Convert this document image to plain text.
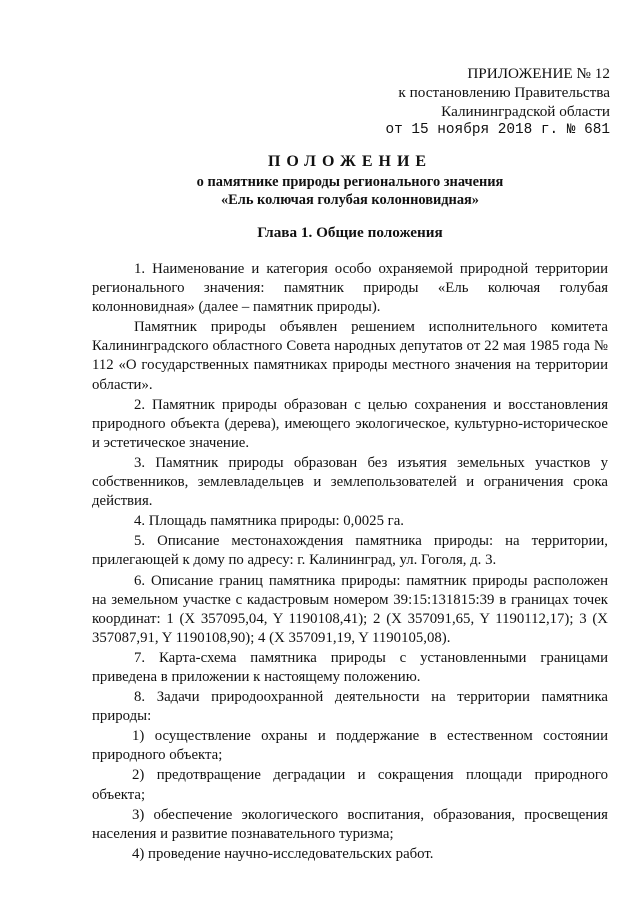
ПРИЛОЖЕНИЕ № 12
к постановлению Правительства
Калининградской области
от 15 ноября 2018 г. № 681
ПОЛОЖЕНИЕ
о памятнике природы регионального значения
«Ель колючая голубая колонновидная»
Глава 1. Общие положения

1. Наименование и категория особо охраняемой природной территории регионального значения: памятник природы «Ель колючая голубая колонновидная» (далее – памятник природы).

Памятник природы объявлен решением исполнительного комитета Калининградского областного Совета народных депутатов от 22 мая 1985 года № 112 «О государственных памятниках природы местного значения на территории области».

2. Памятник природы образован с целью сохранения и восстановления природного объекта (дерева), имеющего экологическое, культурно-историческое и эстетическое значение.

3. Памятник природы образован без изъятия земельных участков у собственников, землевладельцев и землепользователей и ограничения срока действия.

4. Площадь памятника природы: 0,0025 га.

5. Описание местонахождения памятника природы: на территории, прилегающей к дому по адресу: г. Калининград, ул. Гоголя, д. 3.

6. Описание границ памятника природы: памятник природы расположен на земельном участке с кадастровым номером 39:15:131815:39 в границах точек координат: 1 (X 357095,04, Y 1190108,41); 2 (X 357091,65, Y 1190112,17); 3 (X 357087,91, Y 1190108,90); 4 (X 357091,19, Y 1190105,08).

7. Карта-схема памятника природы с установленными границами приведена в приложении к настоящему положению.

8. Задачи природоохранной деятельности на территории памятника природы:

1) осуществление охраны и поддержание в естественном состоянии природного объекта;

2) предотвращение деградации и сокращения площади природного объекта;

3) обеспечение экологического воспитания, образования, просвещения населения и развитие познавательного туризма;

4) проведение научно-исследовательских работ.
